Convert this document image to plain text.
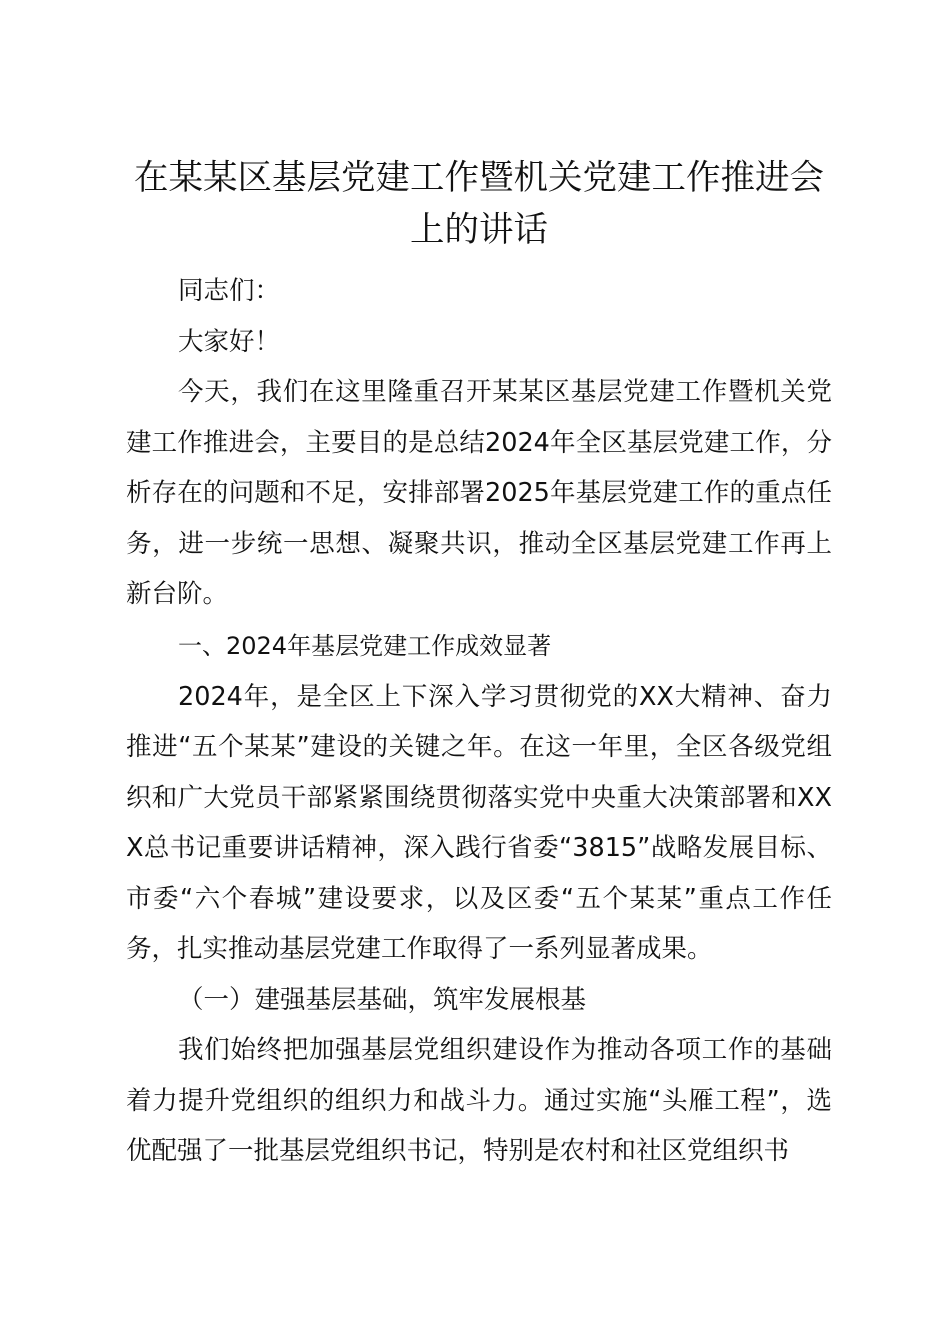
在某某区基层党建工作暨机关党建工作推进会
上的讲话

同志们：

大家好！

今天，我们在这里隆重召开某某区基层党建工作暨机关党建工作推进会，主要目的是总结2024年全区基层党建工作，分析存在的问题和不足，安排部署2025年基层党建工作的重点任务，进一步统一思想、凝聚共识，推动全区基层党建工作再上新台阶。

一、2024年基层党建工作成效显著

2024年，是全区上下深入学习贯彻党的XX大精神、奋力推进“五个某某”建设的关键之年。在这一年里，全区各级党组织和广大党员干部紧紧围绕贯彻落实党中央重大决策部署和XXX总书记重要讲话精神，深入践行省委“3815”战略发展目标、市委“六个春城”建设要求，以及区委“五个某某”重点工作任务，扎实推动基层党建工作取得了一系列显著成果。

（一）建强基层基础，筑牢发展根基

我们始终把加强基层党组织建设作为推动各项工作的基础着力提升党组织的组织力和战斗力。通过实施“头雁工程”，选优配强了一批基层党组织书记，特别是农村和社区党组织书
